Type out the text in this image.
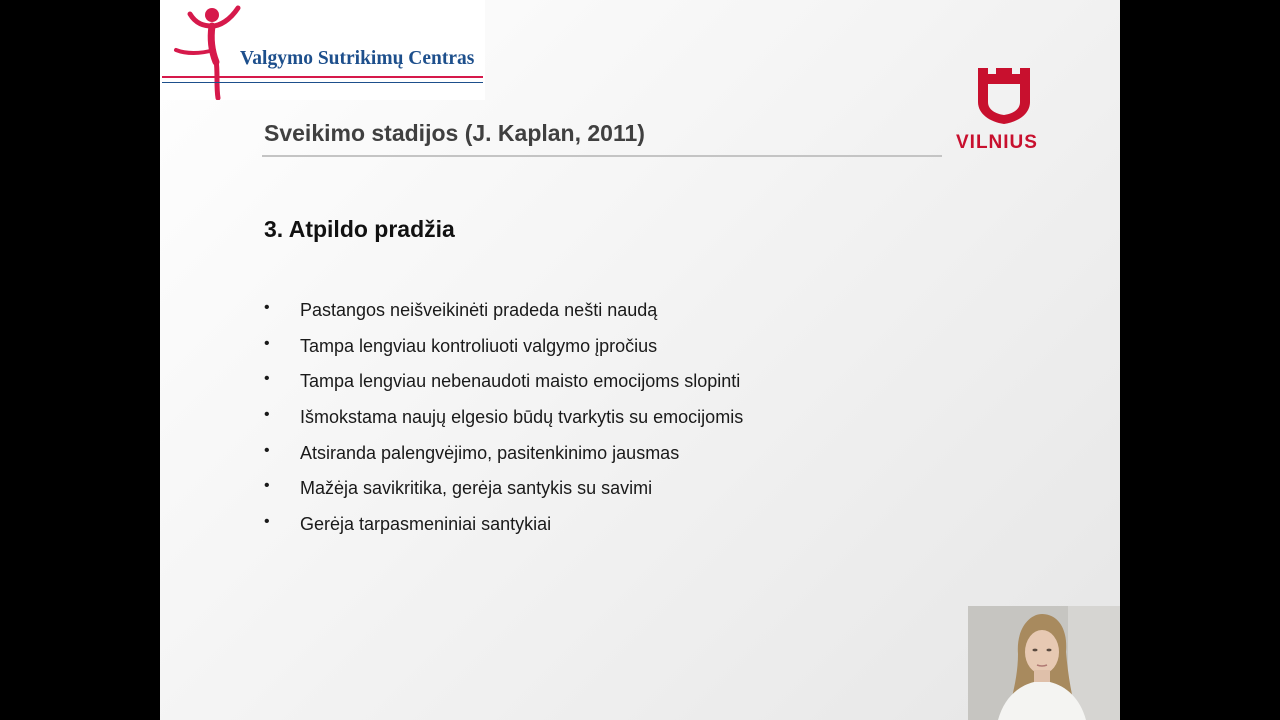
Valgymo Sutrikimų Centras
VILNIUS
Sveikimo stadijos (J. Kaplan, 2011)
3. Atpildo pradžia
• Pastangos neišveikinėti pradeda nešti naudą
• Tampa lengviau kontroliuoti valgymo įpročius
• Tampa lengviau nebenaudoti maisto emocijoms slopinti
• Išmokstama naujų elgesio būdų tvarkytis su emocijomis
• Atsiranda palengvėjimo, pasitenkinimo jausmas
• Mažėja savikritika, gerėja santykis su savimi
• Gerėja tarpasmeniniai santykiai
